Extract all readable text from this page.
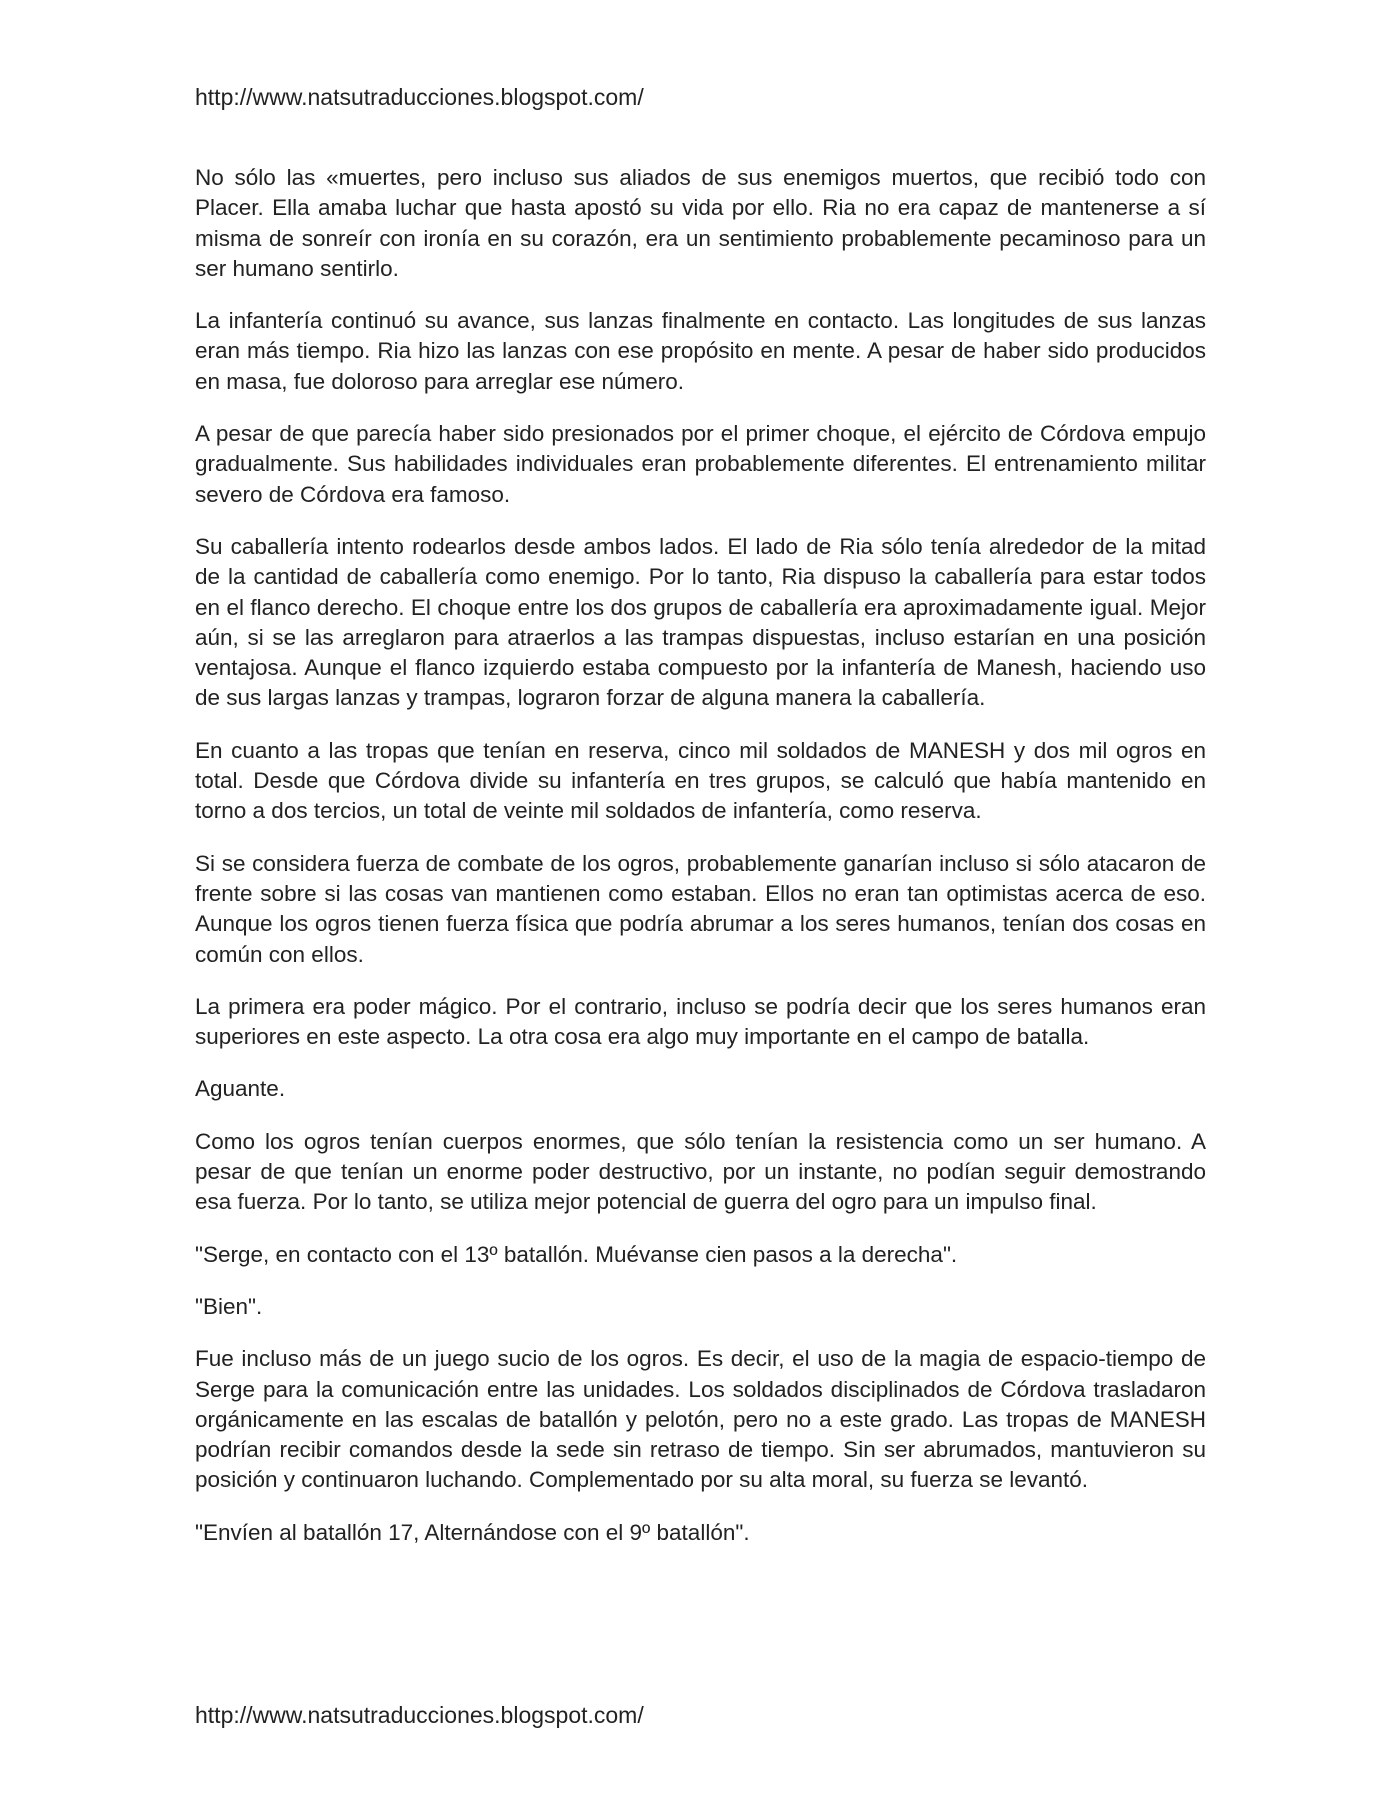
http://www.natsutraducciones.blogspot.com/

No sólo las «muertes, pero incluso sus aliados de sus enemigos muertos, que recibió todo con Placer. Ella amaba luchar que hasta apostó su vida por ello. Ria no era capaz de mantenerse a sí misma de sonreír con ironía en su corazón, era un sentimiento probablemente pecaminoso para un ser humano sentirlo.

La infantería continuó su avance, sus lanzas finalmente en contacto. Las longitudes de sus lanzas eran más tiempo. Ria hizo las lanzas con ese propósito en mente. A pesar de haber sido producidos en masa, fue doloroso para arreglar ese número.

A pesar de que parecía haber sido presionados por el primer choque, el ejército de Córdova empujo gradualmente. Sus habilidades individuales eran probablemente diferentes. El entrenamiento militar severo de Córdova era famoso.

Su caballería intento rodearlos desde ambos lados. El lado de Ria sólo tenía alrededor de la mitad de la cantidad de caballería como enemigo. Por lo tanto, Ria dispuso la caballería para estar todos en el flanco derecho. El choque entre los dos grupos de caballería era aproximadamente igual. Mejor aún, si se las arreglaron para atraerlos a las trampas dispuestas, incluso estarían en una posición ventajosa. Aunque el flanco izquierdo estaba compuesto por la infantería de Manesh, haciendo uso de sus largas lanzas y trampas, lograron forzar de alguna manera la caballería.

En cuanto a las tropas que tenían en reserva, cinco mil soldados de MANESH y dos mil ogros en total. Desde que Córdova divide su infantería en tres grupos, se calculó que había mantenido en torno a dos tercios, un total de veinte mil soldados de infantería, como reserva.

Si se considera fuerza de combate de los ogros, probablemente ganarían incluso si sólo atacaron de frente sobre si las cosas van mantienen como estaban. Ellos no eran tan optimistas acerca de eso. Aunque los ogros tienen fuerza física que podría abrumar a los seres humanos, tenían dos cosas en común con ellos.

La primera era poder mágico. Por el contrario, incluso se podría decir que los seres humanos eran superiores en este aspecto. La otra cosa era algo muy importante en el campo de batalla.

Aguante.

Como los ogros tenían cuerpos enormes, que sólo tenían la resistencia como un ser humano. A pesar de que tenían un enorme poder destructivo, por un instante, no podían seguir demostrando esa fuerza. Por lo tanto, se utiliza mejor potencial de guerra del ogro para un impulso final.

"Serge, en contacto con el 13º batallón. Muévanse cien pasos a la derecha".

"Bien".

Fue incluso más de un juego sucio de los ogros. Es decir, el uso de la magia de espacio-tiempo de Serge para la comunicación entre las unidades. Los soldados disciplinados de Córdova trasladaron orgánicamente en las escalas de batallón y pelotón, pero no a este grado. Las tropas de MANESH podrían recibir comandos desde la sede sin retraso de tiempo. Sin ser abrumados, mantuvieron su posición y continuaron luchando. Complementado por su alta moral, su fuerza se levantó.

"Envíen al batallón 17, Alternándose con el 9º batallón".

http://www.natsutraducciones.blogspot.com/
